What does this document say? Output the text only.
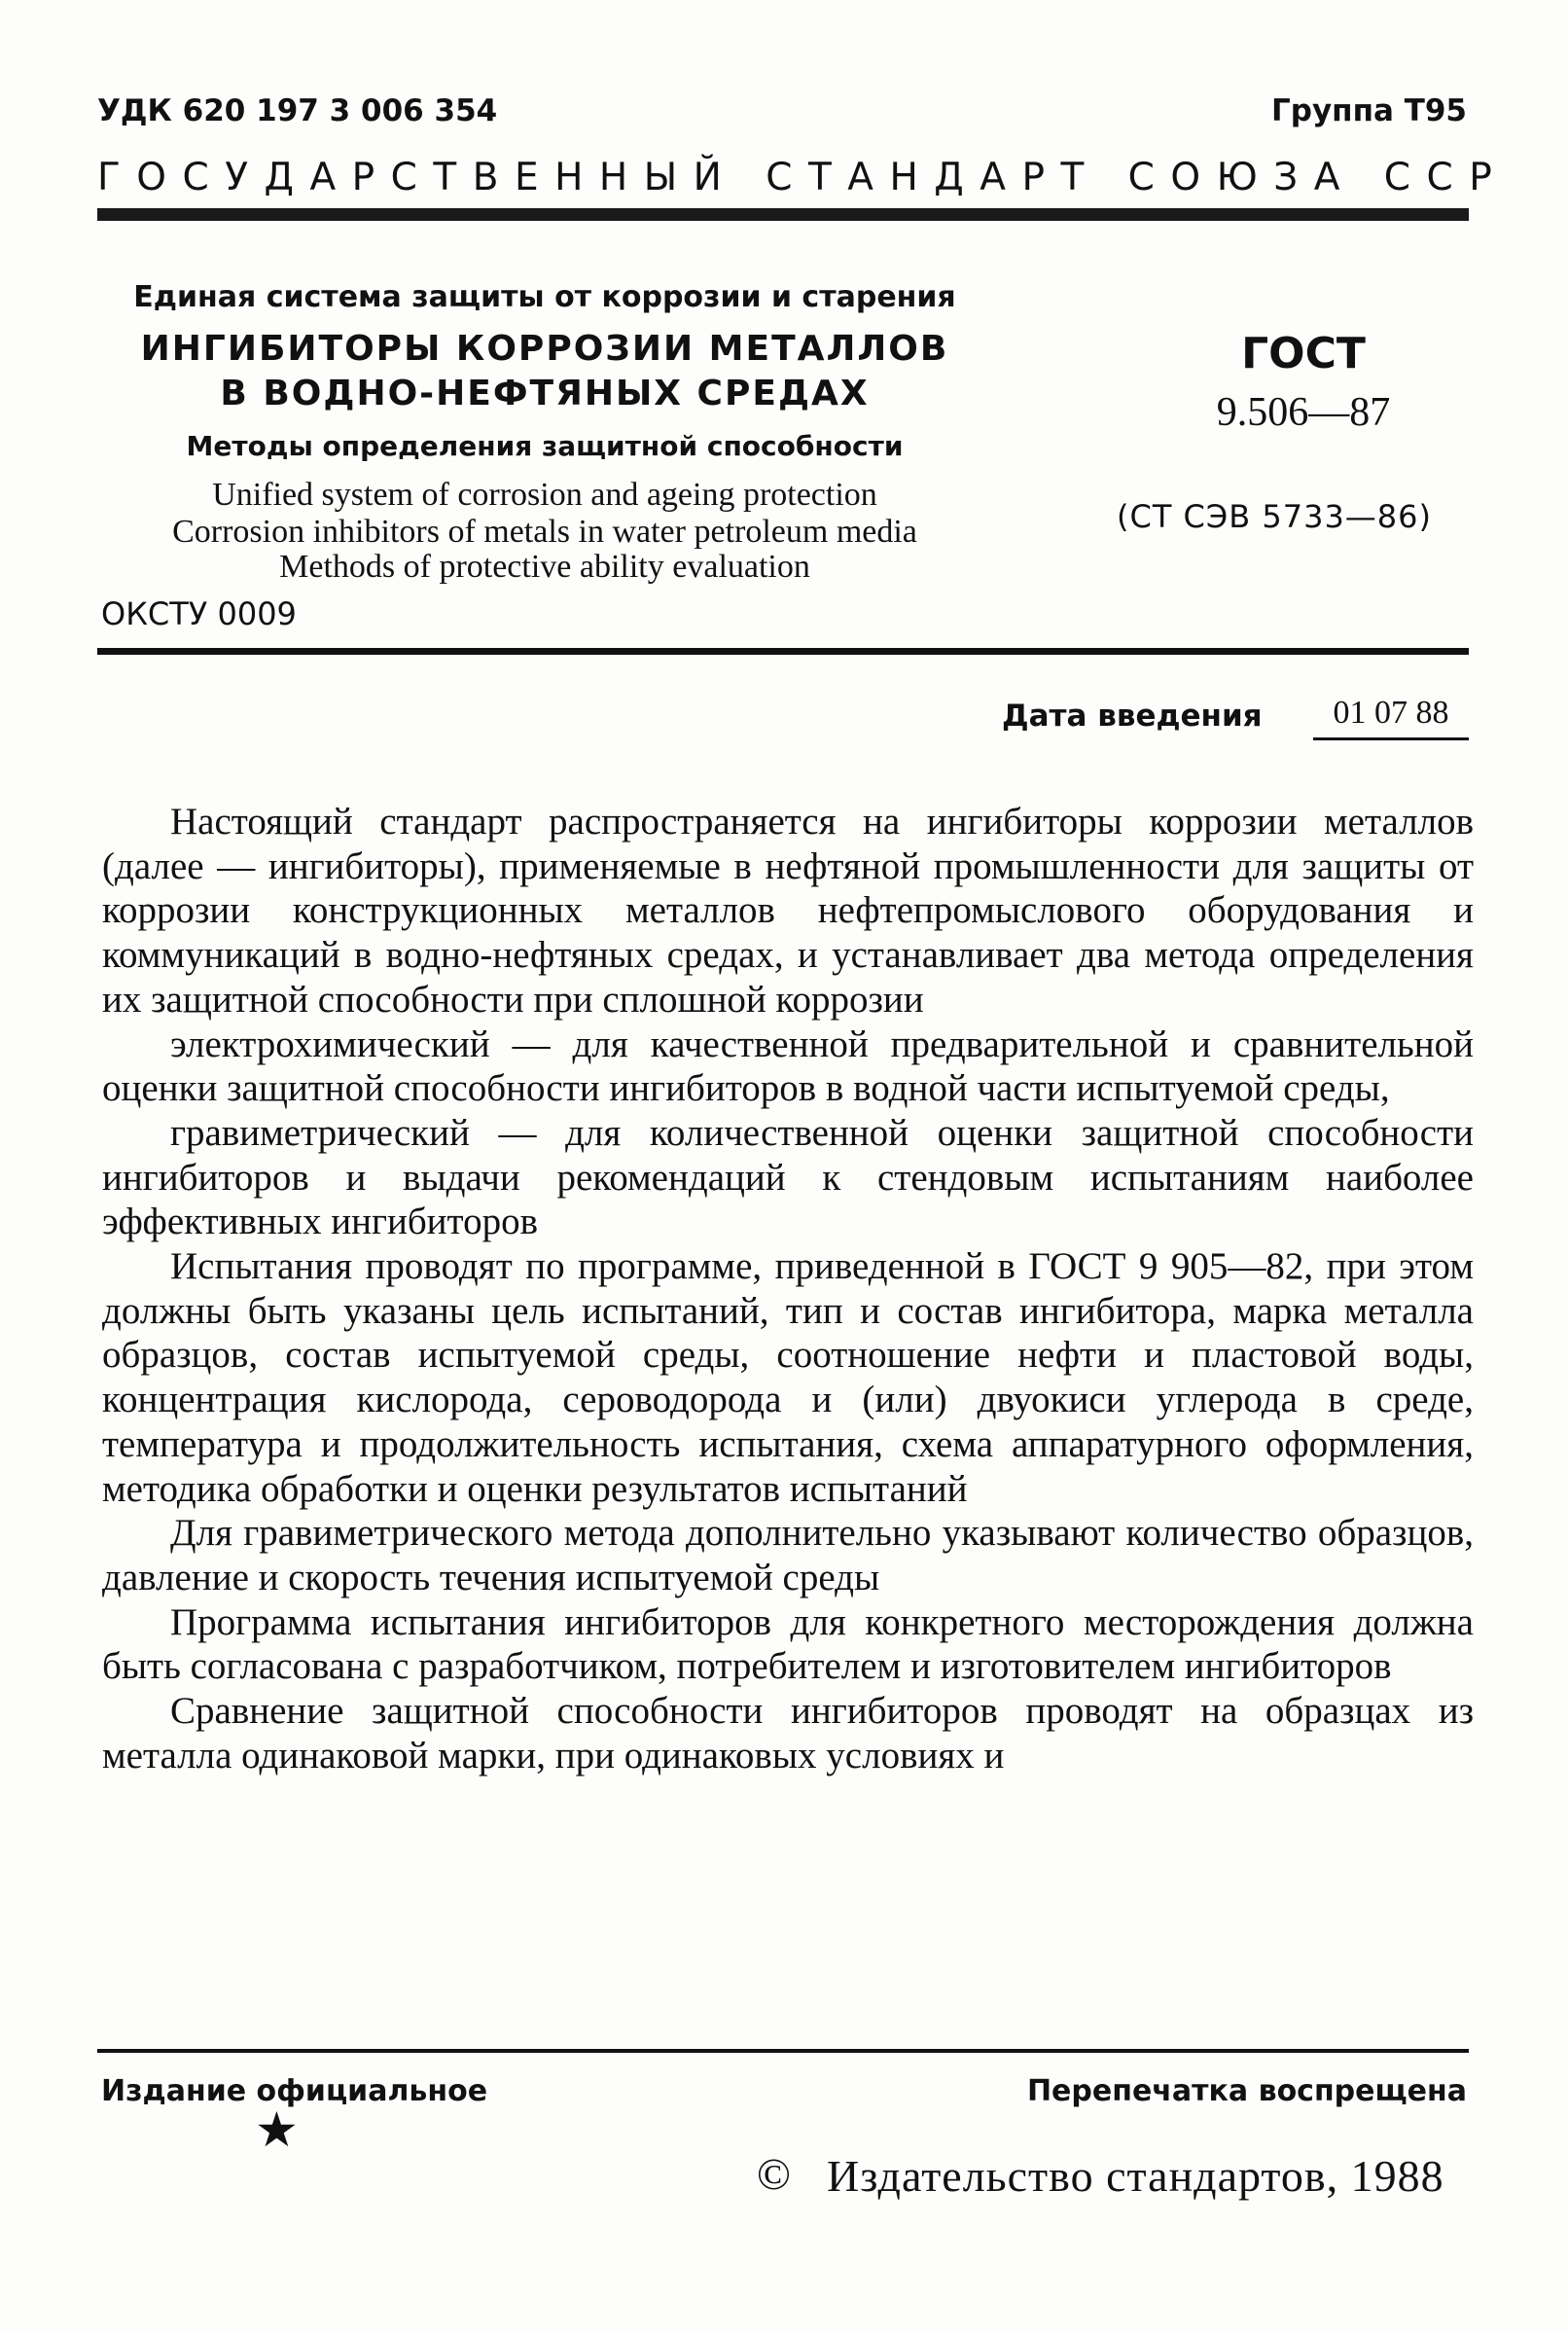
УДК 620 197 3 006 354	Группа Т95
ГОСУДАРСТВЕННЫЙ СТАНДАРТ СОЮЗА ССР
Единая система защиты от коррозии и старения
ИНГИБИТОРЫ КОРРОЗИИ МЕТАЛЛОВ
В ВОДНО-НЕФТЯНЫХ СРЕДАХ
Методы определения защитной способности
Unified system of corrosion and ageing protection
Corrosion inhibitors of metals in water petroleum media
Methods of protective ability evaluation
ОКСТУ 0009
ГОСТ
9.506—87
(СТ СЭВ 5733—86)
Дата введения	01 07 88

Настоящий стандарт распространяется на ингибиторы коррозии металлов (далее — ингибиторы), применяемые в нефтяной промышленности для защиты от коррозии конструкционных металлов нефтепромыслового оборудования и коммуникаций в водно-нефтяных средах, и устанавливает два метода определения их защитной способности при сплошной коррозии

электрохимический — для качественной предварительной и сравнительной оценки защитной способности ингибиторов в водной части испытуемой среды,

гравиметрический — для количественной оценки защитной способности ингибиторов и выдачи рекомендаций к стендовым испытаниям наиболее эффективных ингибиторов

Испытания проводят по программе, приведенной в ГОСТ 9 905—82, при этом должны быть указаны цель испытаний, тип и состав ингибитора, марка металла образцов, состав испытуемой среды, соотношение нефти и пластовой воды, концентрация кислорода, сероводорода и (или) двуокиси углерода в среде, температура и продолжительность испытания, схема аппаратурного оформления, методика обработки и оценки результатов испытаний

Для гравиметрического метода дополнительно указывают количество образцов, давление и скорость течения испытуемой среды

Программа испытания ингибиторов для конкретного месторождения должна быть согласована с разработчиком, потребителем и изготовителем ингибиторов

Сравнение защитной способности ингибиторов проводят на образцах из металла одинаковой марки, при одинаковых условиях и

Издание официальное	Перепечатка воспрещена
★
© Издательство стандартов, 1988
